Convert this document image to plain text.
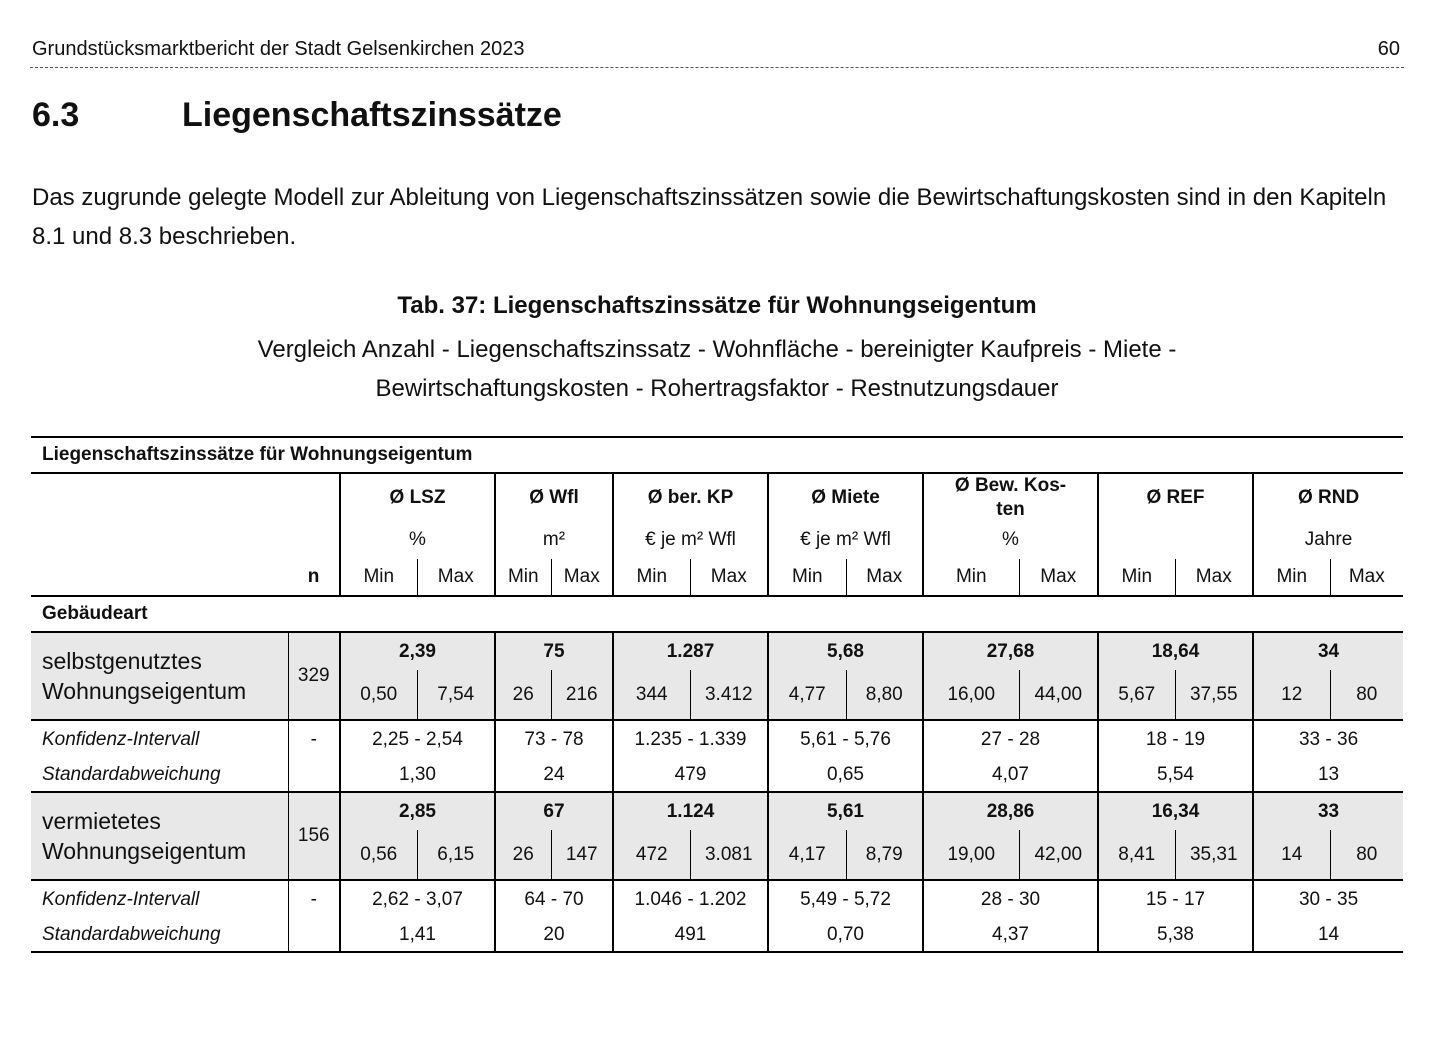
Grundstücksmarktbericht der Stadt Gelsenkirchen 2023	60
6.3	Liegenschaftszinssätze
Das zugrunde gelegte Modell zur Ableitung von Liegenschaftszinssätzen sowie die Bewirtschaftungskosten sind in den Kapiteln 8.1 und 8.3 beschrieben.
Tab. 37: Liegenschaftszinssätze für Wohnungseigentum
Vergleich Anzahl - Liegenschaftszinssatz - Wohnfläche - bereinigter Kaufpreis - Miete -
Bewirtschaftungskosten - Rohertragsfaktor - Restnutzungsdauer
Liegenschaftszinssätze für Wohnungseigentum															

		Ø LSZ		Ø Wfl		Ø ber. KP		Ø Miete		Ø Bew. Kos-
ten		Ø REF		Ø RND	

		%		m²		€ je m² Wfl		€ je m² Wfl		%				Jahre	
	n	Min	Max	Min	Max	Min	Max	Min	Max	Min	Max	Min	Max	Min	Max
Gebäudeart															

selbstgenutztes
Wohnungseigentum	329	2,39		75		1.287		5,68		27,68		18,64		34	
		0,50	7,54	26	216	344	3.412	4,77	8,80	16,00	44,00	5,67	37,55	12	80
Konfidenz-Intervall	-	2,25 - 2,54		73 - 78		1.235 - 1.339		5,61 - 5,76		27 - 28		18 - 19		33 - 36	
Standardabweichung		1,30		24		479		0,65		4,07		5,54		13	

vermietetes
Wohnungseigentum	156	2,85		67		1.124		5,61		28,86		16,34		33	
		0,56	6,15	26	147	472	3.081	4,17	8,79	19,00	42,00	8,41	35,31	14	80
Konfidenz-Intervall	-	2,62 - 3,07		64 - 70		1.046 - 1.202		5,49 - 5,72		28 - 30		15 - 17		30 - 35	
Standardabweichung		1,41		20		491		0,70		4,37		5,38		14	
